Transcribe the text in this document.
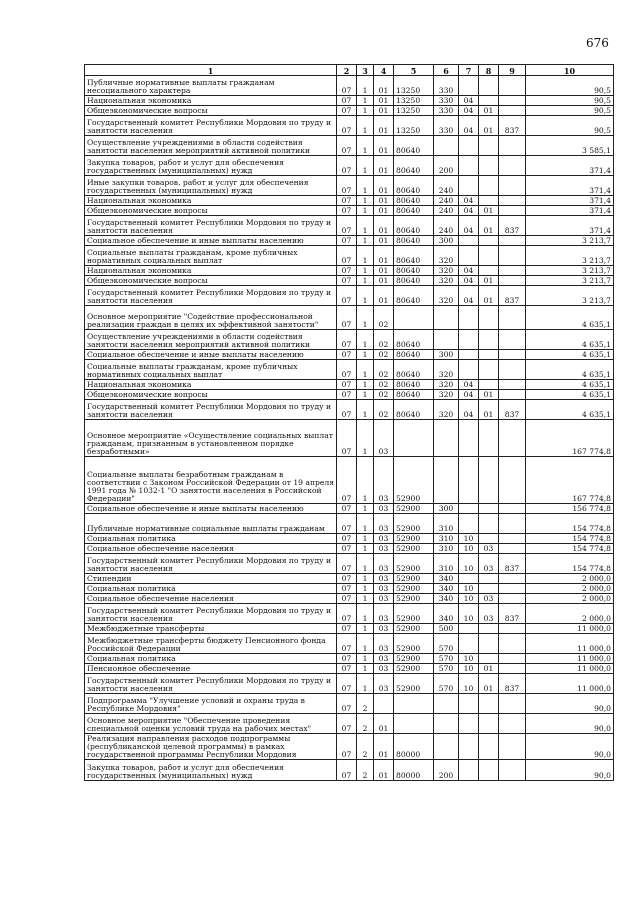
676
1	2	3	4	5	6	7	8	9	10
Публичные нормативные выплаты гражданам несоциального характера	07	1	01	13250	330				90,5
Национальная экономика	07	1	01	13250	330	04			90,5
Общеэкономические вопросы	07	1	01	13250	330	04	01		90,5
Государственный комитет Республики Мордовия по труду и занятости населения	07	1	01	13250	330	04	01	837	90,5
Осуществление учреждениями в области содействия занятости населения мероприятий активной политики	07	1	01	80640					3 585,1
Закупка товаров, работ и услуг для обеспечения государственных (муниципальных) нужд	07	1	01	80640	200				371,4
Иные закупки товаров, работ и услуг для обеспечения государственных (муниципальных) нужд	07	1	01	80640	240				371,4
Национальная экономика	07	1	01	80640	240	04			371,4
Общеэкономические вопросы	07	1	01	80640	240	04	01		371,4
Государственный комитет Республики Мордовия по труду и занятости населения	07	1	01	80640	240	04	01	837	371,4
Социальное обеспечение и иные выплаты населению	07	1	01	80640	300				3 213,7
Социальные выплаты гражданам, кроме публичных нормативных социальных выплат	07	1	01	80640	320				3 213,7
Национальная экономика	07	1	01	80640	320	04			3 213,7
Общеэкономические вопросы	07	1	01	80640	320	04	01		3 213,7
Государственный комитет Республики Мордовия по труду и занятости населения	07	1	01	80640	320	04	01	837	3 213,7
Основное мероприятие "Содействие профессиональной реализации граждан в целях их эффективной занятости"	07	1	02						4 635,1
Осуществление учреждениями в области содействия занятости населения мероприятий активной политики	07	1	02	80640					4 635,1
Социальное обеспечение и иные выплаты населению	07	1	02	80640	300				4 635,1
Социальные выплаты гражданам, кроме публичных нормативных социальных выплат	07	1	02	80640	320				4 635,1
Национальная экономика	07	1	02	80640	320	04			4 635,1
Общеэкономические вопросы	07	1	02	80640	320	04	01		4 635,1
Государственный комитет Республики Мордовия по труду и занятости населения	07	1	02	80640	320	04	01	837	4 635,1
Основное мероприятие «Осуществление социальных выплат гражданам, признанным в установленном порядке безработными»	07	1	03						167 774,8
Социальные выплаты безработным гражданам в соответствии с Законом Российской Федерации от 19 апреля 1991 года № 1032-1 "О занятости населения в Российской Федерации"	07	1	03	52900					167 774,8
Социальное обеспечение и иные выплаты населению	07	1	03	52900	300				156 774,8
Публичные нормативные социальные выплаты гражданам	07	1	03	52900	310				154 774,8
Социальная политика	07	1	03	52900	310	10			154 774,8
Социальное обеспечение населения	07	1	03	52900	310	10	03		154 774,8
Государственный комитет Республики Мордовия по труду и занятости населения	07	1	03	52900	310	10	03	837	154 774,8
Стипендии	07	1	03	52900	340				2 000,0
Социальная политика	07	1	03	52900	340	10			2 000,0
Социальное обеспечение населения	07	1	03	52900	340	10	03		2 000,0
Государственный комитет Республики Мордовия по труду и занятости населения	07	1	03	52900	340	10	03	837	2 000,0
Межбюджетные трансферты	07	1	03	52900	500				11 000,0
Межбюджетные трансферты бюджету Пенсионного фонда Российской Федерации	07	1	03	52900	570				11 000,0
Социальная политика	07	1	03	52900	570	10			11 000,0
Пенсионное обеспечение	07	1	03	52900	570	10	01		11 000,0
Государственный комитет Республики Мордовия по труду и занятости населения	07	1	03	52900	570	10	01	837	11 000,0
Подпрограмма "Улучшение условий и охраны труда в Республике Мордовия"	07	2							90,0
Основное мероприятие "Обеспечение проведения специальной оценки условий труда на рабочих местах"	07	2	01						90,0
Реализация направления расходов подпрограммы (республиканской целевой программы) в рамках государственной программы Республики Мордовия	07	2	01	80000					90,0
Закупка товаров, работ и услуг для обеспечения государственных (муниципальных) нужд	07	2	01	80000	200				90,0
